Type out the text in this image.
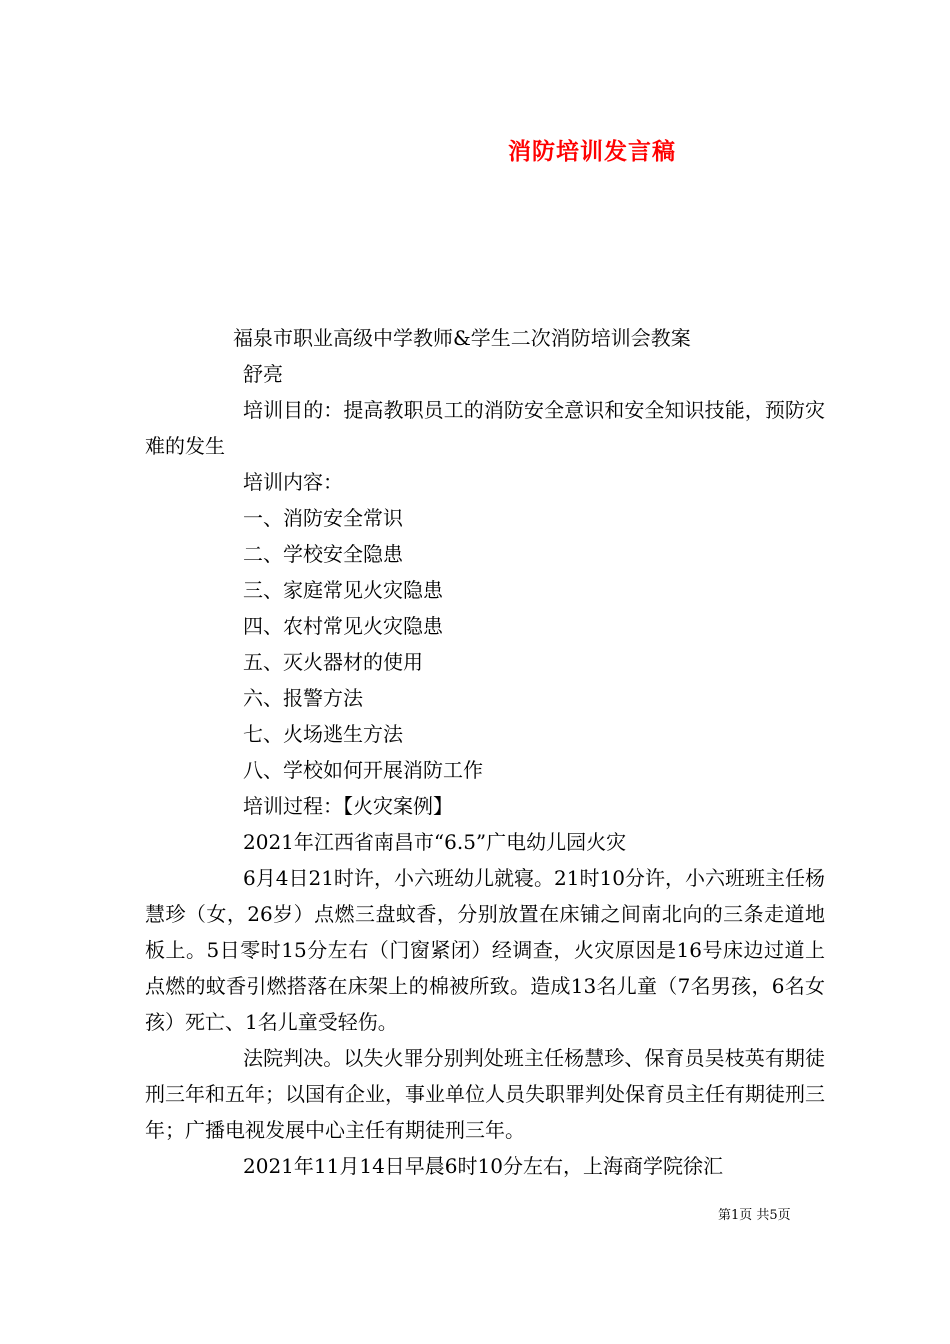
消防培训发言稿

福泉市职业高级中学教师&学生二次消防培训会教案

舒亮

培训目的：提高教职员工的消防安全意识和安全知识技能，预防灾难的发生

培训内容：

一、消防安全常识

二、学校安全隐患

三、家庭常见火灾隐患

四、农村常见火灾隐患

五、灭火器材的使用

六、报警方法

七、火场逃生方法

八、学校如何开展消防工作

培训过程：【火灾案例】

2021年江西省南昌市“6.5”广电幼儿园火灾

6月4日21时许，小六班幼儿就寝。21时10分许，小六班班主任杨慧珍（女，26岁）点燃三盘蚊香，分别放置在床铺之间南北向的三条走道地板上。5日零时15分左右（门窗紧闭）经调查，火灾原因是16号床边过道上点燃的蚊香引燃搭落在床架上的棉被所致。造成13名儿童（7名男孩，6名女孩）死亡、1名儿童受轻伤。

法院判决。以失火罪分别判处班主任杨慧珍、保育员吴枝英有期徒刑三年和五年；以国有企业，事业单位人员失职罪判处保育员主任有期徒刑三年；广播电视发展中心主任有期徒刑三年。

2021年11月14日早晨6时10分左右，上海商学院徐汇

第1页 共5页
